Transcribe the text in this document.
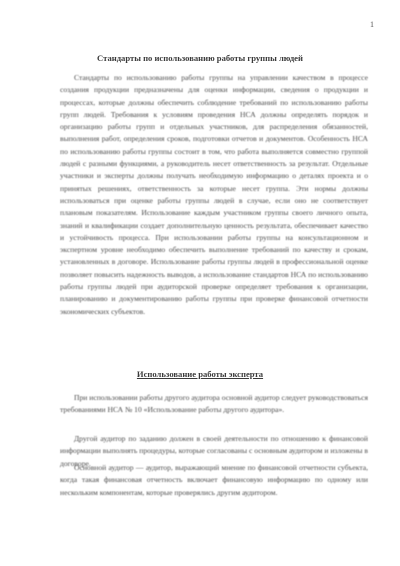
1
Стандарты по использованию работы группы людей

Стандарты по использованию работы группы на управлении качеством в процессе создания продукции предназначены для оценки информации, сведения о продукции и процессах, которые должны обеспечить соблюдение требований по использованию работы групп людей. Требования к условиям проведения НСА должны определять порядок и организацию работы групп и отдельных участников, для распределения обязанностей, выполнения работ, определения сроков, подготовки отчетов и документов. Особенность НСА по использованию работы группы состоит в том, что работа выполняется совместно группой людей с разными функциями, а руководитель несет ответственность за результат. Отдельные участники и эксперты должны получать необходимую информацию о деталях проекта и о принятых решениях, ответственность за которые несет группа. Эти нормы должны использоваться при оценке работы группы людей в случае, если оно не соответствует плановым показателям. Использование каждым участником группы своего личного опыта, знаний и квалификации создает дополнительную ценность результата, обеспечивает качество и устойчивость процесса. При использовании работы группы на консультационном и экспертном уровне необходимо обеспечить выполнение требований по качеству и срокам, установленных в договоре. Использование работы группы людей в профессиональной оценке позволяет повысить надежность выводов, а использование стандартов НСА по использованию работы группы людей при аудиторской проверке определяет требования к организации, планированию и документированию работы группы при проверке финансовой отчетности экономических субъектов.

Использование работы эксперта

При использовании работы другого аудитора основной аудитор следует руководствоваться требованиями НСА № 10 «Использование работы другого аудитора».

Другой аудитор по заданию должен в своей деятельности по отношению к финансовой информации выполнять процедуры, которые согласованы с основным аудитором и изложены в договоре.

Основной аудитор — аудитор, выражающий мнение по финансовой отчетности субъекта, когда такая финансовая отчетность включает финансовую информацию по одному или нескольким компонентам, которые проверялись другим аудитором.
